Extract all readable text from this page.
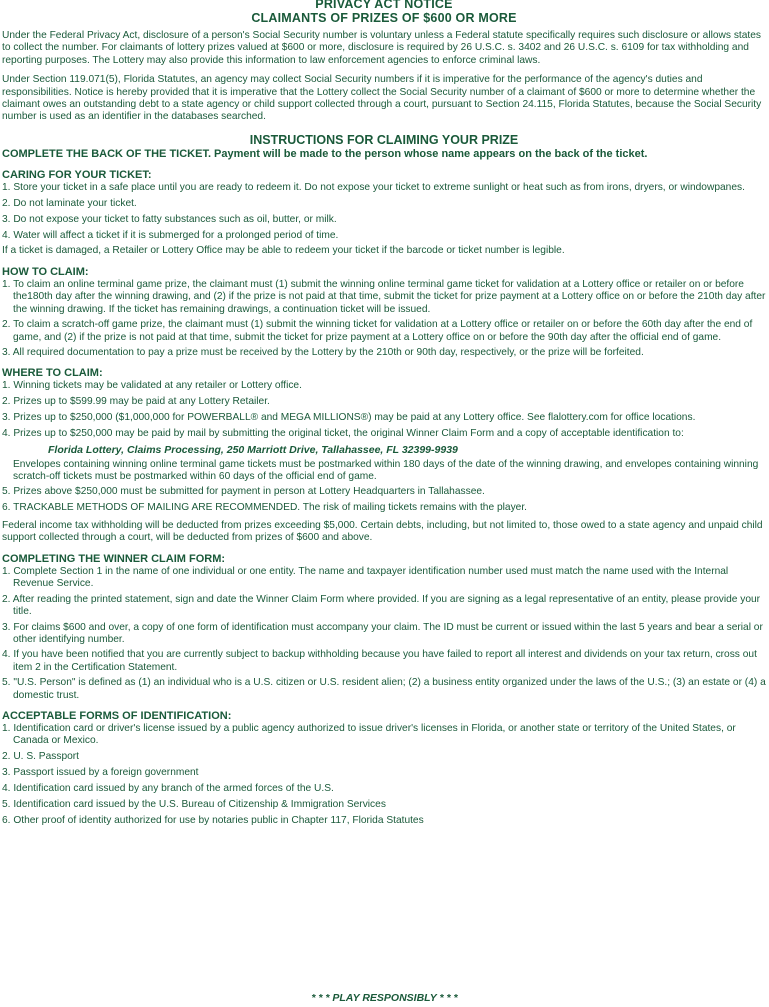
PRIVACY ACT NOTICE
CLAIMANTS OF PRIZES OF $600 OR MORE

Under the Federal Privacy Act, disclosure of a person's Social Security number is voluntary unless a Federal statute specifically requires such disclosure or allows states to collect the number. For claimants of lottery prizes valued at $600 or more, disclosure is required by 26 U.S.C. s. 3402 and 26 U.S.C. s. 6109 for tax withholding and reporting purposes. The Lottery may also provide this information to law enforcement agencies to enforce criminal laws.

Under Section 119.071(5), Florida Statutes, an agency may collect Social Security numbers if it is imperative for the performance of the agency's duties and responsibilities. Notice is hereby provided that it is imperative that the Lottery collect the Social Security number of a claimant of $600 or more to determine whether the claimant owes an outstanding debt to a state agency or child support collected through a court, pursuant to Section 24.115, Florida Statutes, because the Social Security number is used as an identifier in the databases searched.

INSTRUCTIONS FOR CLAIMING YOUR PRIZE
COMPLETE THE BACK OF THE TICKET. Payment will be made to the person whose name appears on the back of the ticket.
CARING FOR YOUR TICKET:
1. Store your ticket in a safe place until you are ready to redeem it. Do not expose your ticket to extreme sunlight or heat such as from irons, dryers, or windowpanes.
2. Do not laminate your ticket.
3. Do not expose your ticket to fatty substances such as oil, butter, or milk.
4. Water will affect a ticket if it is submerged for a prolonged period of time.

If a ticket is damaged, a Retailer or Lottery Office may be able to redeem your ticket if the barcode or ticket number is legible.

HOW TO CLAIM:
1. To claim an online terminal game prize, the claimant must (1) submit the winning online terminal game ticket for validation at a Lottery office or retailer on or before the180th day after the winning drawing, and (2) if the prize is not paid at that time, submit the ticket for prize payment at a Lottery office on or before the 210th day after the winning drawing. If the ticket has remaining drawings, a continuation ticket will be issued.
2. To claim a scratch-off game prize, the claimant must (1) submit the winning ticket for validation at a Lottery office or retailer on or before the 60th day after the end of game, and (2) if the prize is not paid at that time, submit the ticket for prize payment at a Lottery office on or before the 90th day after the official end of game.
3. All required documentation to pay a prize must be received by the Lottery by the 210th or 90th day, respectively, or the prize will be forfeited.
WHERE TO CLAIM:
1. Winning tickets may be validated at any retailer or Lottery office.
2. Prizes up to $599.99 may be paid at any Lottery Retailer.
3. Prizes up to $250,000 ($1,000,000 for POWERBALL® and MEGA MILLIONS®) may be paid at any Lottery office. See flalottery.com for office locations.
4. Prizes up to $250,000 may be paid by mail by submitting the original ticket, the original Winner Claim Form and a copy of acceptable identification to:
Florida Lottery, Claims Processing, 250 Marriott Drive, Tallahassee, FL 32399-9939
Envelopes containing winning online terminal game tickets must be postmarked within 180 days of the date of the winning drawing, and envelopes containing winning scratch-off tickets must be postmarked within 60 days of the official end of game.
5. Prizes above $250,000 must be submitted for payment in person at Lottery Headquarters in Tallahassee.
6. TRACKABLE METHODS OF MAILING ARE RECOMMENDED. The risk of mailing tickets remains with the player.

Federal income tax withholding will be deducted from prizes exceeding $5,000. Certain debts, including, but not limited to, those owed to a state agency and unpaid child support collected through a court, will be deducted from prizes of $600 and above.

COMPLETING THE WINNER CLAIM FORM:
1. Complete Section 1 in the name of one individual or one entity. The name and taxpayer identification number used must match the name used with the Internal Revenue Service.
2. After reading the printed statement, sign and date the Winner Claim Form where provided. If you are signing as a legal representative of an entity, please provide your title.
3. For claims $600 and over, a copy of one form of identification must accompany your claim. The ID must be current or issued within the last 5 years and bear a serial or other identifying number.
4. If you have been notified that you are currently subject to backup withholding because you have failed to report all interest and dividends on your tax return, cross out item 2 in the Certification Statement.
5. "U.S. Person" is defined as (1) an individual who is a U.S. citizen or U.S. resident alien; (2) a business entity organized under the laws of the U.S.; (3) an estate or (4) a domestic trust.
ACCEPTABLE FORMS OF IDENTIFICATION:
1. Identification card or driver's license issued by a public agency authorized to issue driver's licenses in Florida, or another state or territory of the United States, or Canada or Mexico.
2. U. S. Passport
3. Passport issued by a foreign government
4. Identification card issued by any branch of the armed forces of the U.S.
5. Identification card issued by the U.S. Bureau of Citizenship & Immigration Services
6. Other proof of identity authorized for use by notaries public in Chapter 117, Florida Statutes
* * * PLAY RESPONSIBLY * * *
